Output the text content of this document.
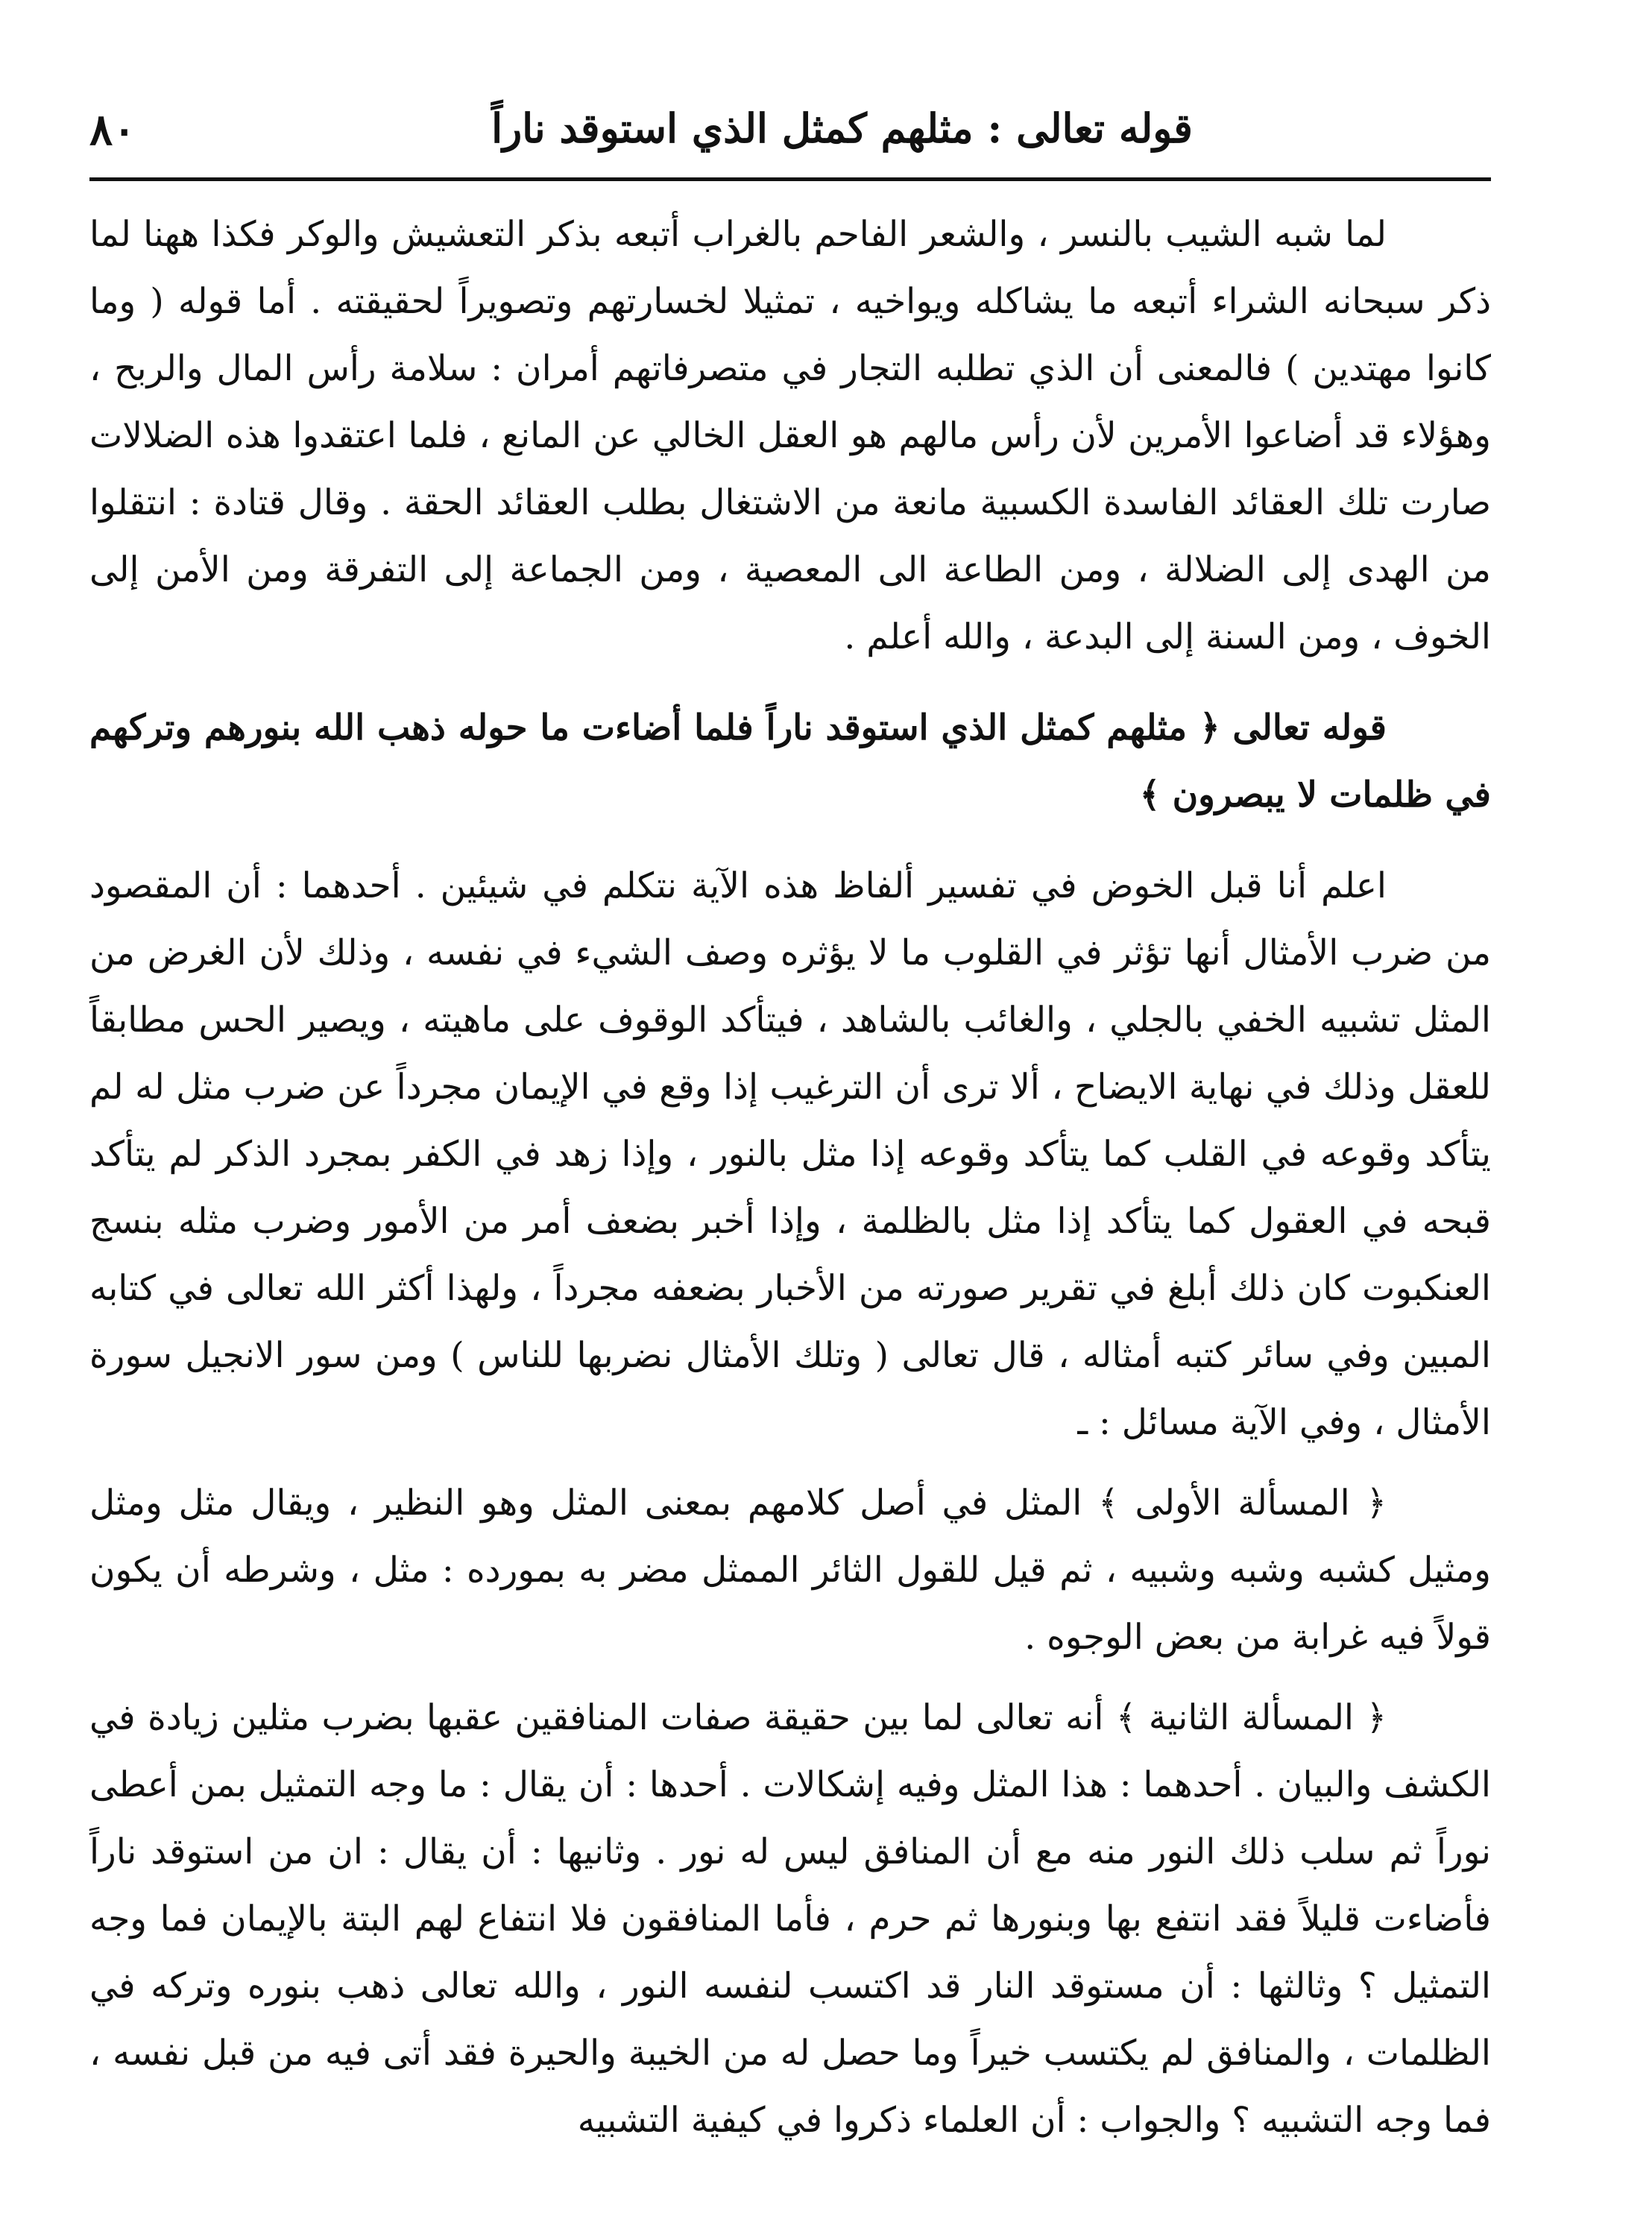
قوله تعالى : مثلهم كمثل الذي استوقد ناراً
٨٠

لما شبه الشيب بالنسر ، والشعر الفاحم بالغراب أتبعه بذكر التعشيش والوكر فكذا ههنا لما ذكر سبحانه الشراء أتبعه ما يشاكله ويواخيه ، تمثيلا لخسارتهم وتصويراً لحقيقته . أما قوله ( وما كانوا مهتدين ) فالمعنى أن الذي تطلبه التجار في متصرفاتهم أمران : سلامة رأس المال والربح ، وهؤلاء قد أضاعوا الأمرين لأن رأس مالهم هو العقل الخالي عن المانع ، فلما اعتقدوا هذه الضلالات صارت تلك العقائد الفاسدة الكسبية مانعة من الاشتغال بطلب العقائد الحقة . وقال قتادة : انتقلوا من الهدى إلى الضلالة ، ومن الطاعة الى المعصية ، ومن الجماعة إلى التفرقة ومن الأمن إلى الخوف ، ومن السنة إلى البدعة ، والله أعلم .

قوله تعالى ﴿ مثلهم كمثل الذي استوقد ناراً فلما أضاءت ما حوله ذهب الله بنورهم وتركهم في ظلمات لا يبصرون ﴾

اعلم أنا قبل الخوض في تفسير ألفاظ هذه الآية نتكلم في شيئين . أحدهما : أن المقصود من ضرب الأمثال أنها تؤثر في القلوب ما لا يؤثره وصف الشيء في نفسه ، وذلك لأن الغرض من المثل تشبيه الخفي بالجلي ، والغائب بالشاهد ، فيتأكد الوقوف على ماهيته ، ويصير الحس مطابقاً للعقل وذلك في نهاية الايضاح ، ألا ترى أن الترغيب إذا وقع في الإيمان مجرداً عن ضرب مثل له لم يتأكد وقوعه في القلب كما يتأكد وقوعه إذا مثل بالنور ، وإذا زهد في الكفر بمجرد الذكر لم يتأكد قبحه في العقول كما يتأكد إذا مثل بالظلمة ، وإذا أخبر بضعف أمر من الأمور وضرب مثله بنسج العنكبوت كان ذلك أبلغ في تقرير صورته من الأخبار بضعفه مجرداً ، ولهذا أكثر الله تعالى في كتابه المبين وفي سائر كتبه أمثاله ، قال تعالى ( وتلك الأمثال نضربها للناس ) ومن سور الانجيل سورة الأمثال ، وفي الآية مسائل : ـ

﴿ المسألة الأولى ﴾ المثل في أصل كلامهم بمعنى المثل وهو النظير ، ويقال مثل ومثل ومثيل كشبه وشبه وشبيه ، ثم قيل للقول الثائر الممثل مضر به بمورده : مثل ، وشرطه أن يكون قولاً فيه غرابة من بعض الوجوه .

﴿ المسألة الثانية ﴾ أنه تعالى لما بين حقيقة صفات المنافقين عقبها بضرب مثلين زيادة في الكشف والبيان . أحدهما : هذا المثل وفيه إشكالات . أحدها : أن يقال : ما وجه التمثيل بمن أعطى نوراً ثم سلب ذلك النور منه مع أن المنافق ليس له نور . وثانيها : أن يقال : ان من استوقد ناراً فأضاءت قليلاً فقد انتفع بها وبنورها ثم حرم ، فأما المنافقون فلا انتفاع لهم البتة بالإيمان فما وجه التمثيل ؟ وثالثها : أن مستوقد النار قد اكتسب لنفسه النور ، والله تعالى ذهب بنوره وتركه في الظلمات ، والمنافق لم يكتسب خيراً وما حصل له من الخيبة والحيرة فقد أتى فيه من قبل نفسه ، فما وجه التشبيه ؟ والجواب : أن العلماء ذكروا في كيفية التشبيه
